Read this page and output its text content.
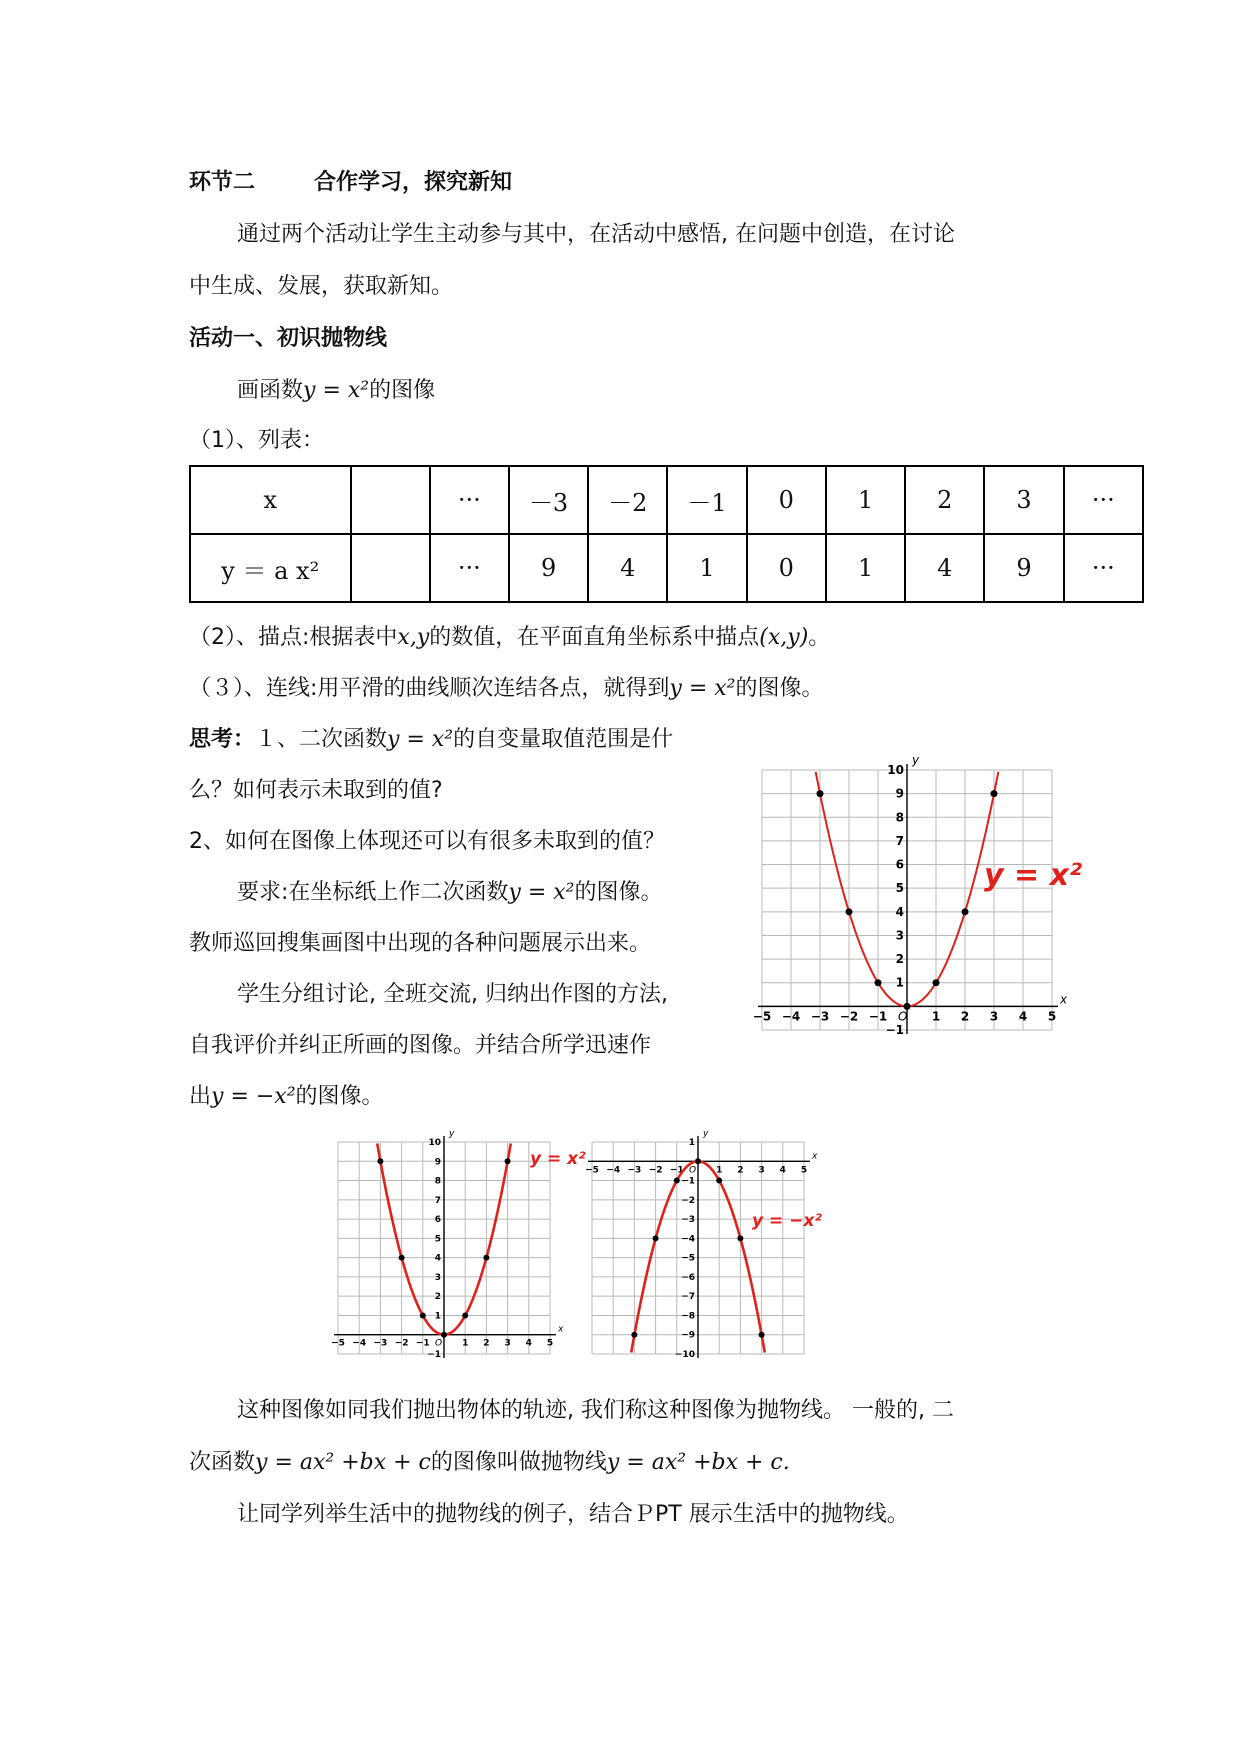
环节二	合作学习，探究新知
通过两个活动让学生主动参与其中，在活动中感悟, 在问题中创造，在讨论
中生成、发展，获取新知。
活动一、初识抛物线
画函数y = x²的图像
（1）、列表：
x		···	－3	－2	－1	0	1	2	3	···
y ＝ a x²		···	9	4	1	0	1	4	9	···
（2）、描点:根据表中x,y的数值，在平面直角坐标系中描点(x,y)。
（３）、连线:用平滑的曲线顺次连结各点，就得到y = x²的图像。
思考：１、二次函数y = x²的自变量取值范围是什
么？如何表示未取到的值?
2、如何在图像上体现还可以有很多未取到的值？
要求:在坐标纸上作二次函数y = x²的图像。
教师巡回搜集画图中出现的各种问题展示出来。
学生分组讨论, 全班交流, 归纳出作图的方法,
自我评价并纠正所画的图像。并结合所学迅速作
出y = −x²的图像。
−5 −4 −3 −2 −1	1 2 3 4 5
−1
1
2
3
4
5
6
7
8
9
10
y = x²
x
y
O
−5 −4 −3 −2 −1	1 2 3 4 5
−1
1
2
3
4
5
6
7
8
9
10
y = x²
x
y
O
−5 −4 −3 −2 −1	1 2 3 4 5
1
−1
−2
−3
−4
−5
−6
−7
−8
−9
−10
y = −x²
x
y
O
这种图像如同我们抛出物体的轨迹, 我们称这种图像为抛物线。 一般的, 二
次函数y = ax² +bx + c的图像叫做抛物线y = ax² +bx + c.
让同学列举生活中的抛物线的例子，结合ＰPT 展示生活中的抛物线。
